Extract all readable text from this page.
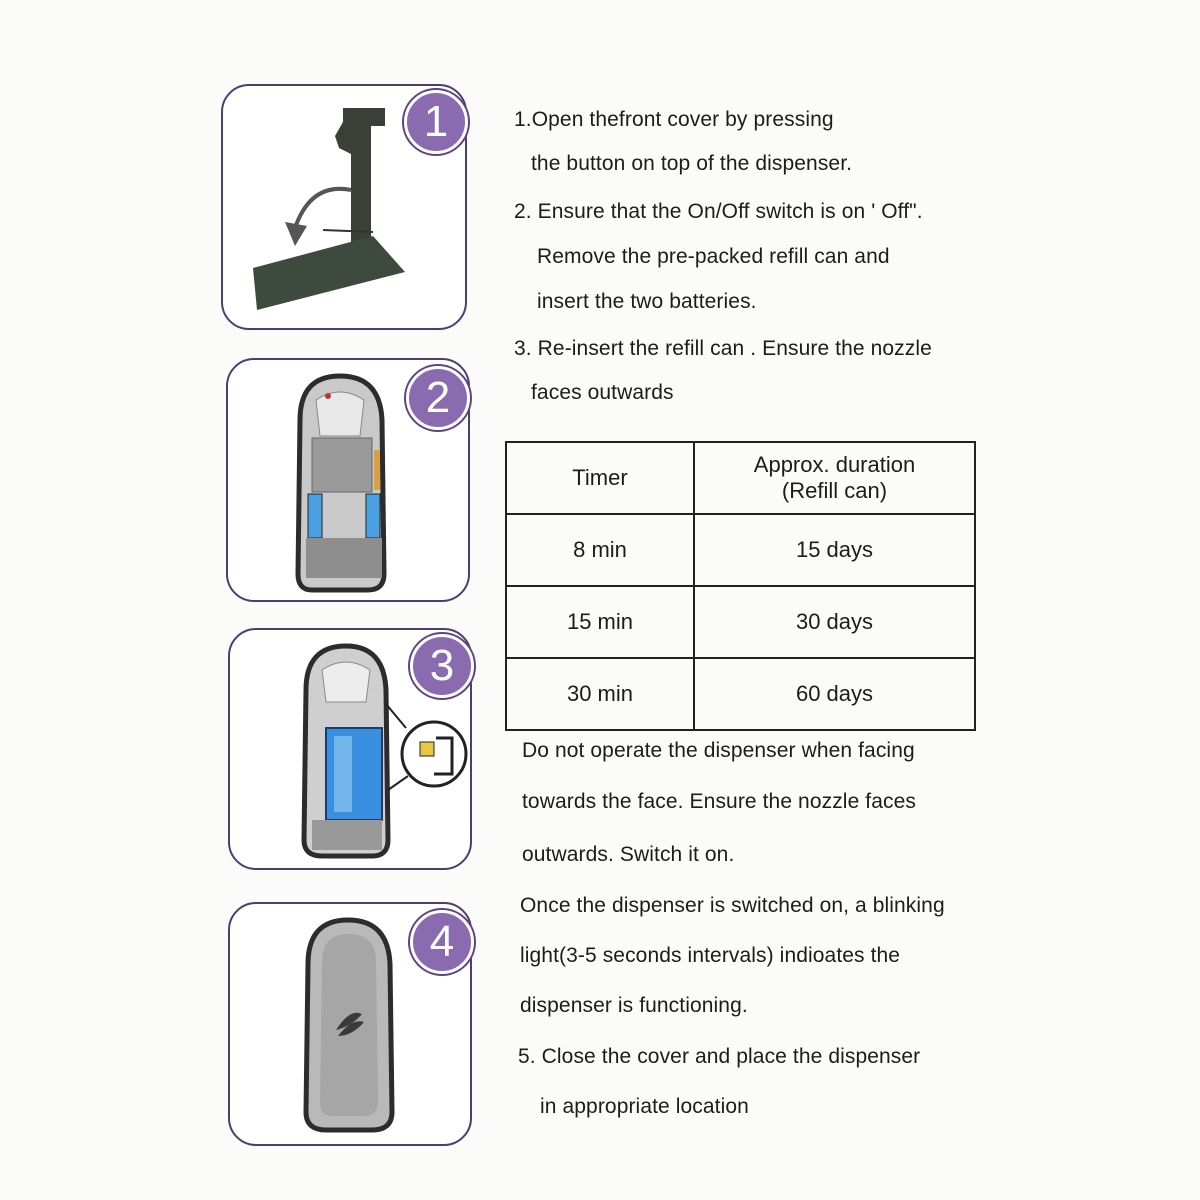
1
2
3
4
1.Open thefront cover by pressing
the button on top of the dispenser.
2. Ensure that the On/Off switch is on ' Off".
Remove the pre-packed refill can and
insert the two batteries.
3. Re-insert the refill can . Ensure the nozzle
faces outwards
Timer	Approx. duration
(Refill can)

8 min	15 days
15 min	30 days
30 min	60 days
Do not operate the dispenser when facing
towards the face. Ensure the nozzle faces
outwards. Switch it on.
Once the dispenser is switched on, a blinking
light(3-5 seconds intervals) indioates the
dispenser is functioning.
5. Close the cover and place the dispenser
in appropriate location
